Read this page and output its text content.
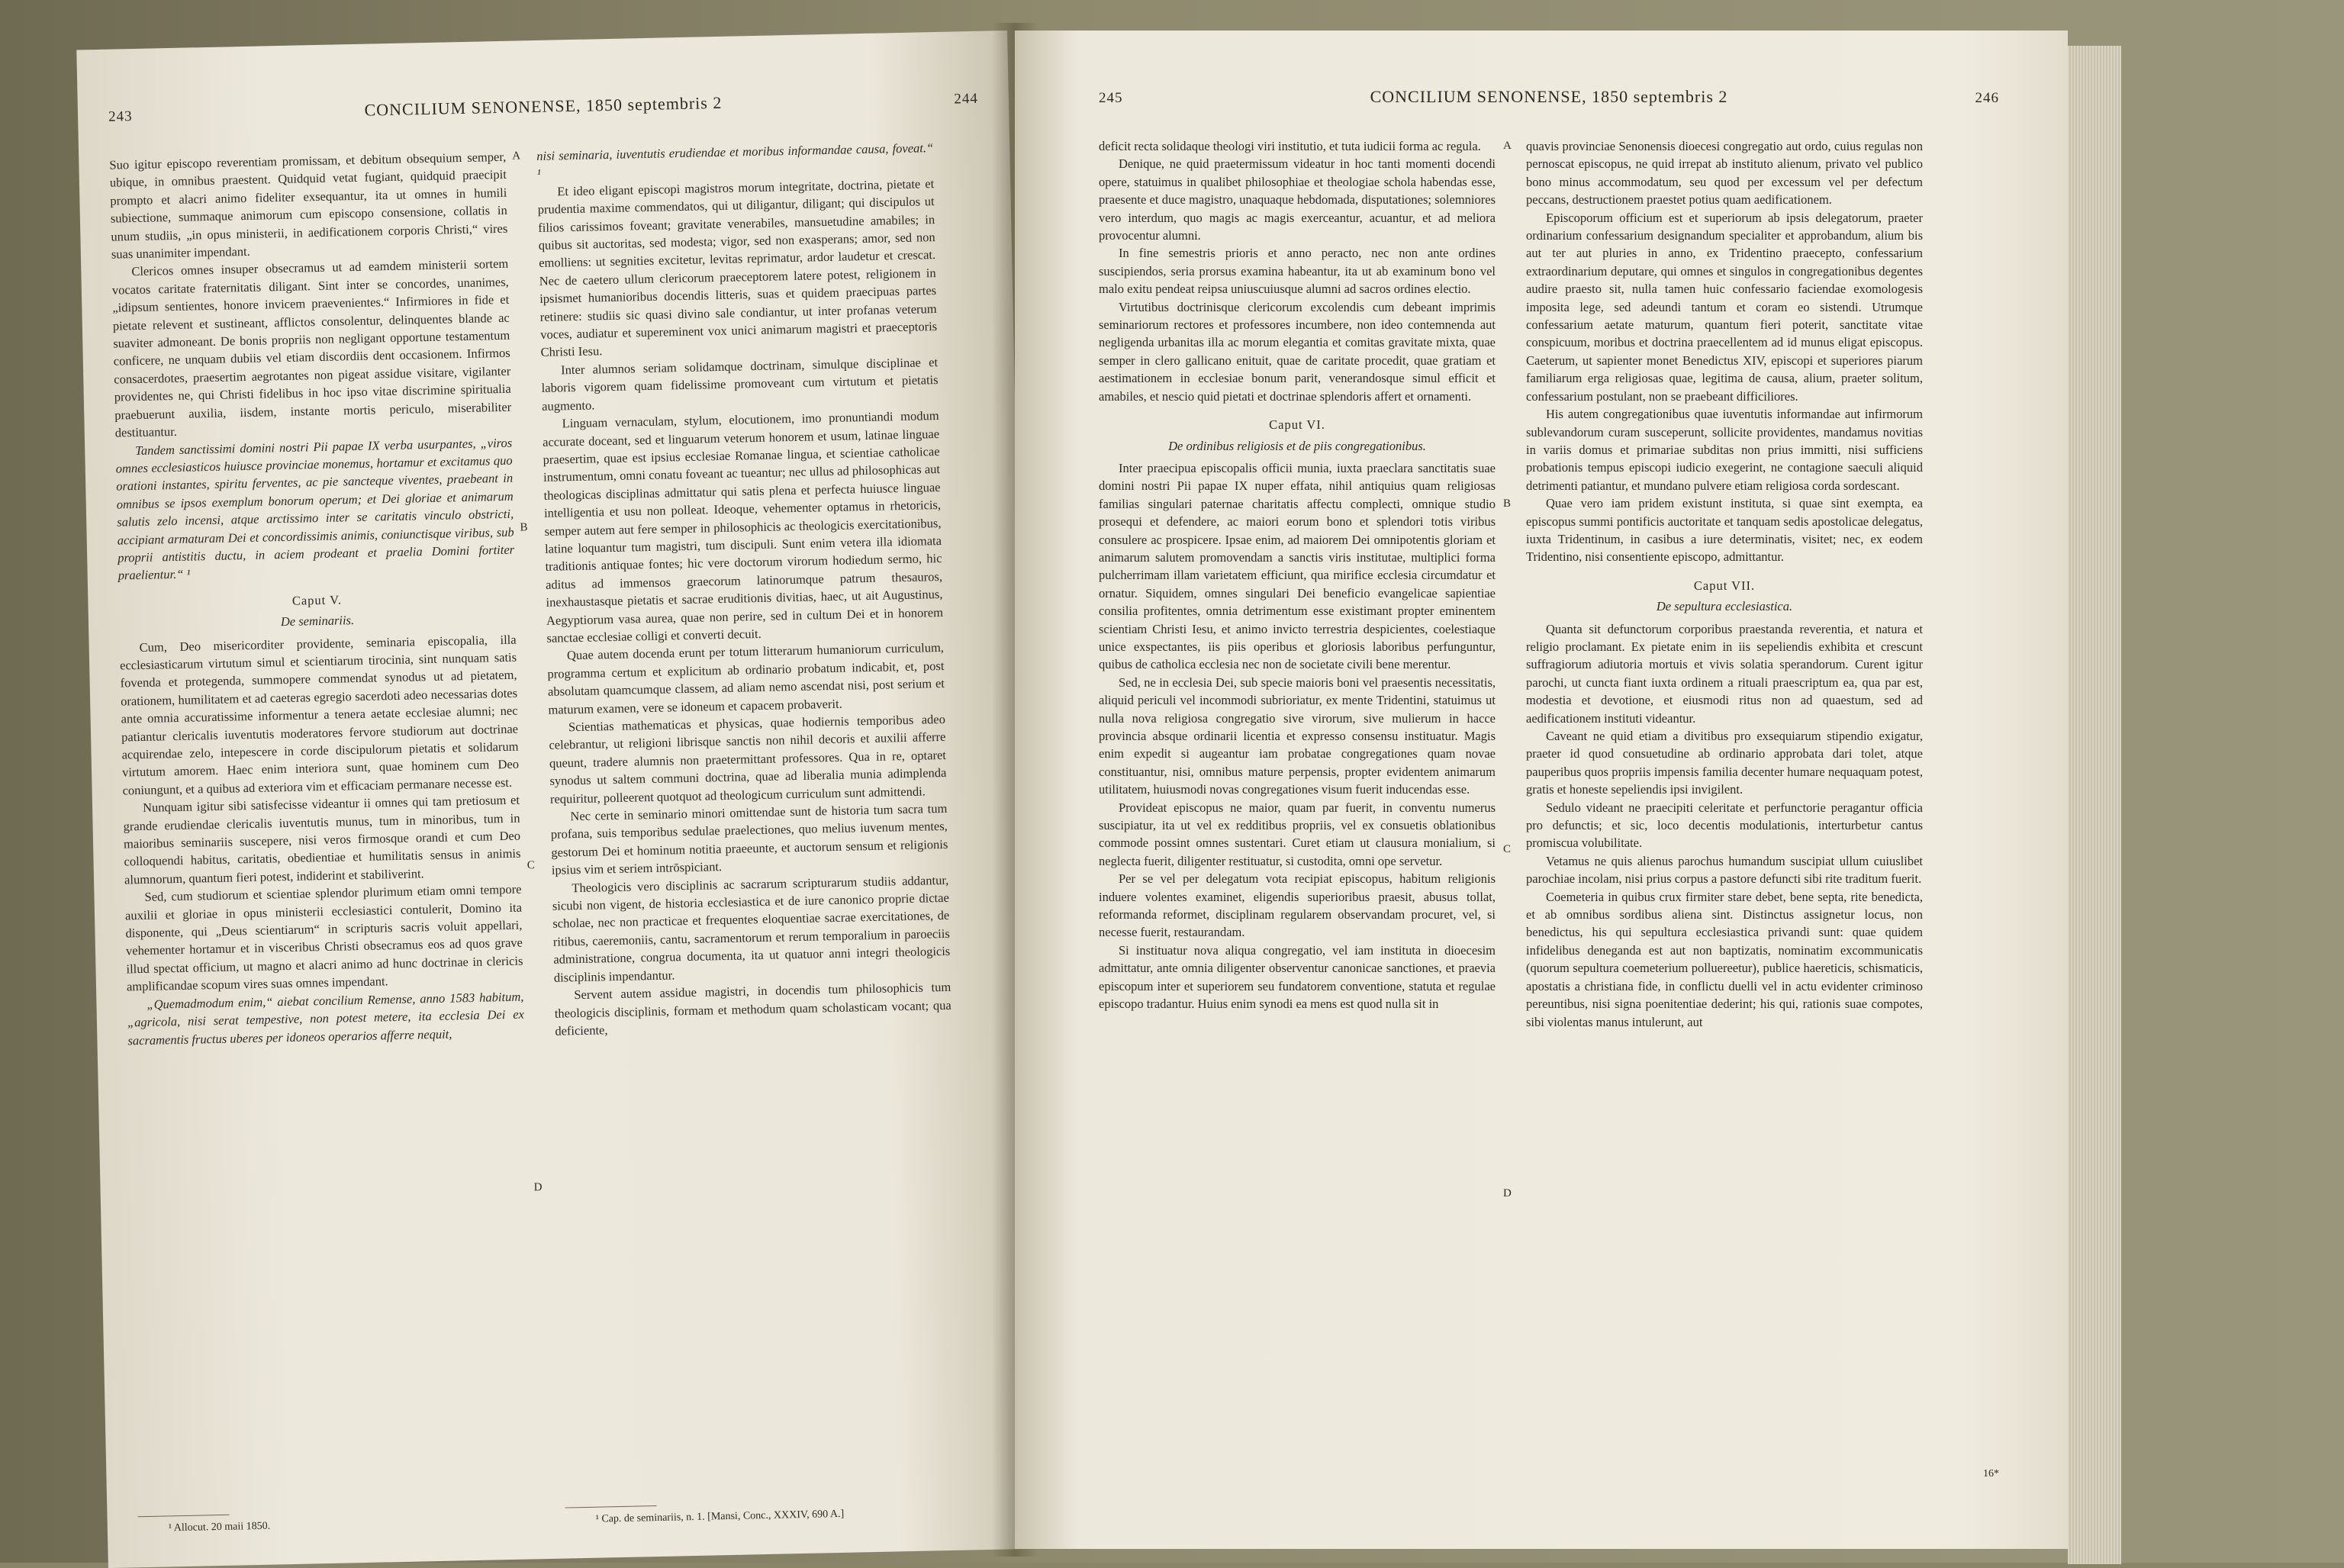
243	CONCILIUM SENONENSE, 1850 septembris 2	244

Suo igitur episcopo reverentiam promissam, et debitum obsequium semper, ubique, in omnibus praestent. Quidquid vetat fugiant, quidquid praecipit prompto et alacri animo fideliter exsequantur, ita ut omnes in humili subiectione, summaque animorum cum episcopo consensione, collatis in unum studiis, „in opus ministerii, in aedificationem corporis Christi,“ vires suas unanimiter impendant.

Clericos omnes insuper obsecramus ut ad eamdem ministerii sortem vocatos caritate fraternitatis diligant. Sint inter se concordes, unanimes, „idipsum sentientes, honore invicem praevenientes.“ Infirmiores in fide et pietate relevent et sustineant, afflictos consolentur, delinquentes blande ac suaviter admoneant. De bonis propriis non negligant opportune testamentum conficere, ne unquam dubiis vel etiam discordiis dent occasionem. Infirmos consacerdotes, praesertim aegrotantes non pigeat assidue visitare, vigilanter providentes ne, qui Christi fidelibus in hoc ipso vitae discrimine spiritualia praebuerunt auxilia, iisdem, instante mortis periculo, miserabiliter destituantur.

Tandem sanctissimi domini nostri Pii papae IX verba usurpantes, „viros omnes ecclesiasticos huiusce provinciae monemus, hortamur et excitamus quo orationi instantes, spiritu ferventes, ac pie sancteque viventes, praebeant in omnibus se ipsos exemplum bonorum operum; et Dei gloriae et animarum salutis zelo incensi, atque arctissimo inter se caritatis vinculo obstricti, accipiant armaturam Dei et concordissimis animis, coniunctisque viribus, sub proprii antistitis ductu, in aciem prodeant et praelia Domini fortiter praelientur.“ ¹

Caput V.
De seminariis.

Cum, Deo misericorditer providente, seminaria episcopalia, illa ecclesiasticarum virtutum simul et scientiarum tirocinia, sint nunquam satis fovenda et protegenda, summopere commendat synodus ut ad pietatem, orationem, humilitatem et ad caeteras egregio sacerdoti adeo necessarias dotes ante omnia accuratissime informentur a tenera aetate ecclesiae alumni; nec patiantur clericalis iuventutis moderatores fervore studiorum aut doctrinae acquirendae zelo, intepescere in corde discipulorum pietatis et solidarum virtutum amorem. Haec enim interiora sunt, quae hominem cum Deo coniungunt, et a quibus ad exteriora vim et efficaciam permanare necesse est.

Nunquam igitur sibi satisfecisse videantur ii omnes qui tam pretiosum et grande erudiendae clericalis iuventutis munus, tum in minoribus, tum in maioribus seminariis suscepere, nisi veros firmosque orandi et cum Deo colloquendi habitus, caritatis, obedientiae et humilitatis sensus in animis alumnorum, quantum fieri potest, indiderint et stabiliverint.

Sed, cum studiorum et scientiae splendor plurimum etiam omni tempore auxilii et gloriae in opus ministerii ecclesiastici contulerit, Domino ita disponente, qui „Deus scientiarum“ in scripturis sacris voluit appellari, vehementer hortamur et in visceribus Christi obsecramus eos ad quos grave illud spectat officium, ut magno et alacri animo ad hunc doctrinae in clericis amplificandae scopum vires suas omnes impendant.

„Quemadmodum enim,“ aiebat concilium Remense, anno 1583 habitum, „agricola, nisi serat tempestive, non potest metere, ita ecclesia Dei ex sacramentis fructus uberes per idoneos operarios afferre nequit,

A
B
C
D

nisi seminaria, iuventutis erudiendae et moribus informandae causa, foveat.“ ¹

Et ideo eligant episcopi magistros morum integritate, doctrina, pietate et prudentia maxime commendatos, qui ut diligantur, diligant; qui discipulos ut filios carissimos foveant; gravitate venerabiles, mansuetudine amabiles; in quibus sit auctoritas, sed modesta; vigor, sed non exasperans; amor, sed non emolliens: ut segnities excitetur, levitas reprimatur, ardor laudetur et crescat. Nec de caetero ullum clericorum praeceptorem latere potest, religionem in ipsismet humanioribus docendis litteris, suas et quidem praecipuas partes retinere: studiis sic quasi divino sale condiantur, ut inter profanas veterum voces, audiatur et supereminent vox unici animarum magistri et praeceptoris Christi Iesu.

Inter alumnos seriam solidamque doctrinam, simulque disciplinae et laboris vigorem quam fidelissime promoveant cum virtutum et pietatis augmento.

Linguam vernaculam, stylum, elocutionem, imo pronuntiandi modum accurate doceant, sed et linguarum veterum honorem et usum, latinae linguae praesertim, quae est ipsius ecclesiae Romanae lingua, et scientiae catholicae instrumentum, omni conatu foveant ac tueantur; nec ullus ad philosophicas aut theologicas disciplinas admittatur qui satis plena et perfecta huiusce linguae intelligentia et usu non polleat. Ideoque, vehementer optamus in rhetoricis, semper autem aut fere semper in philosophicis ac theologicis exercitationibus, latine loquantur tum magistri, tum discipuli. Sunt enim vetera illa idiomata traditionis antiquae fontes; hic vere doctorum virorum hodiedum sermo, hic aditus ad immensos graecorum latinorumque patrum thesauros, inexhaustasque pietatis et sacrae eruditionis divitias, haec, ut ait Augustinus, Aegyptiorum vasa aurea, quae non perire, sed in cultum Dei et in honorem sanctae ecclesiae colligi et converti decuit.

Quae autem docenda erunt per totum litterarum humaniorum curriculum, programma certum et explicitum ab ordinario probatum indicabit, et, post absolutam quamcumque classem, ad aliam nemo ascendat nisi, post serium et maturum examen, vere se idoneum et capacem probaverit.

Scientias mathematicas et physicas, quae hodiernis temporibus adeo celebrantur, ut religioni librisque sanctis non nihil decoris et auxilii afferre queunt, tradere alumnis non praetermittant professores. Qua in re, optaret synodus ut saltem communi doctrina, quae ad liberalia munia adimplenda requiritur, polleerent quotquot ad theologicum curriculum sunt admittendi.

Nec certe in seminario minori omittendae sunt de historia tum sacra tum profana, suis temporibus sedulae praelectiones, quo melius iuvenum mentes, gestorum Dei et hominum notitia praeeunte, et auctorum sensum et religionis ipsius vim et seriem intrōspiciant.

Theologicis vero disciplinis ac sacrarum scripturarum studiis addantur, sicubi non vigent, de historia ecclesiastica et de iure canonico proprie dictae scholae, nec non practicae et frequentes eloquentiae sacrae exercitationes, de ritibus, caeremoniis, cantu, sacramentorum et rerum temporalium in paroeciis administratione, congrua documenta, ita ut quatuor anni integri theologicis disciplinis impendantur.

Servent autem assidue magistri, in docendis tum philosophicis tum theologicis disciplinis, formam et methodum quam scholasticam vocant; qua deficiente,

¹ Allocut. 20 maii 1850.
¹ Cap. de seminariis, n. 1. [Mansi, Conc., XXXIV, 690 A.]
245	CONCILIUM SENONENSE, 1850 septembris 2	246

deficit recta solidaque theologi viri institutio, et tuta iudicii forma ac regula.

Denique, ne quid praetermissum videatur in hoc tanti momenti docendi opere, statuimus in qualibet philosophiae et theologiae schola habendas esse, praesente et duce magistro, unaquaque hebdomada, disputationes; solemniores vero interdum, quo magis ac magis exerceantur, acuantur, et ad meliora provocentur alumni.

In fine semestris prioris et anno peracto, nec non ante ordines suscipiendos, seria prorsus examina habeantur, ita ut ab examinum bono vel malo exitu pendeat reipsa uniuscuiusque alumni ad sacros ordines electio.

Virtutibus doctrinisque clericorum excolendis cum debeant imprimis seminariorum rectores et professores incumbere, non ideo contemnenda aut negligenda urbanitas illa ac morum elegantia et comitas gravitate mixta, quae semper in clero gallicano enituit, quae de caritate procedit, quae gratiam et aestimationem in ecclesiae bonum parit, venerandosque simul efficit et amabiles, et nescio quid pietati et doctrinae splendoris affert et ornamenti.

Caput VI.
De ordinibus religiosis et de piis congregationibus.

Inter praecipua episcopalis officii munia, iuxta praeclara sanctitatis suae domini nostri Pii papae IX nuper effata, nihil antiquius quam religiosas familias singulari paternae charitatis affectu complecti, omnique studio prosequi et defendere, ac maiori eorum bono et splendori totis viribus consulere ac prospicere. Ipsae enim, ad maiorem Dei omnipotentis gloriam et animarum salutem promovendam a sanctis viris institutae, multiplici forma pulcherrimam illam varietatem efficiunt, qua mirifice ecclesia circumdatur et ornatur. Siquidem, omnes singulari Dei beneficio evangelicae sapientiae consilia profitentes, omnia detrimentum esse existimant propter eminentem scientiam Christi Iesu, et animo invicto terrestria despicientes, coelestiaque unice exspectantes, iis piis operibus et gloriosis laboribus perfunguntur, quibus de catholica ecclesia nec non de societate civili bene merentur.

Sed, ne in ecclesia Dei, sub specie maioris boni vel praesentis necessitatis, aliquid periculi vel incommodi subrioriatur, ex mente Tridentini, statuimus ut nulla nova religiosa congregatio sive virorum, sive mulierum in hacce provincia absque ordinarii licentia et expresso consensu instituatur. Magis enim expedit si augeantur iam probatae congregationes quam novae constituantur, nisi, omnibus mature perpensis, propter evidentem animarum utilitatem, huiusmodi novas congregationes visum fuerit inducendas esse.

Provideat episcopus ne maior, quam par fuerit, in conventu numerus suscipiatur, ita ut vel ex redditibus propriis, vel ex consuetis oblationibus commode possint omnes sustentari. Curet etiam ut clausura monialium, si neglecta fuerit, diligenter restituatur, si custodita, omni ope servetur.

Per se vel per delegatum vota recipiat episcopus, habitum religionis induere volentes examinet, eligendis superioribus praesit, abusus tollat, reformanda reformet, disciplinam regularem observandam procuret, vel, si necesse fuerit, restaurandam.

Si instituatur nova aliqua congregatio, vel iam instituta in dioecesim admittatur, ante omnia diligenter observentur canonicae sanctiones, et praevia episcopum inter et superiorem seu fundatorem conventione, statuta et regulae episcopo tradantur. Huius enim synodi ea mens est quod nulla sit in

A
B
C
D

quavis provinciae Senonensis dioecesi congregatio aut ordo, cuius regulas non pernoscat episcopus, ne quid irrepat ab instituto alienum, privato vel publico bono minus accommodatum, seu quod per excessum vel per defectum peccans, destructionem praestet potius quam aedificationem.

Episcoporum officium est et superiorum ab ipsis delegatorum, praeter ordinarium confessarium designandum specialiter et approbandum, alium bis aut ter aut pluries in anno, ex Tridentino praecepto, confessarium extraordinarium deputare, qui omnes et singulos in congregationibus degentes audire praesto sit, nulla tamen huic confessario faciendae exomologesis imposita lege, sed adeundi tantum et coram eo sistendi. Utrumque confessarium aetate maturum, quantum fieri poterit, sanctitate vitae conspicuum, moribus et doctrina praecellentem ad id munus eligat episcopus. Caeterum, ut sapienter monet Benedictus XIV, episcopi et superiores piarum familiarum erga religiosas quae, legitima de causa, alium, praeter solitum, confessarium postulant, non se praebeant difficiliores.

His autem congregationibus quae iuventutis informandae aut infirmorum sublevandorum curam susceperunt, sollicite providentes, mandamus novitias in variis domus et primariae subditas non prius immitti, nisi sufficiens probationis tempus episcopi iudicio exegerint, ne contagione saeculi aliquid detrimenti patiantur, et mundano pulvere etiam religiosa corda sordescant.

Quae vero iam pridem existunt instituta, si quae sint exempta, ea episcopus summi pontificis auctoritate et tanquam sedis apostolicae delegatus, iuxta Tridentinum, in casibus a iure determinatis, visitet; nec, ex eodem Tridentino, nisi consentiente episcopo, admittantur.

Caput VII.
De sepultura ecclesiastica.

Quanta sit defunctorum corporibus praestanda reverentia, et natura et religio proclamant. Ex pietate enim in iis sepeliendis exhibita et crescunt suffragiorum adiutoria mortuis et vivis solatia sperandorum. Curent igitur parochi, ut cuncta fiant iuxta ordinem a rituali praescriptum ea, qua par est, modestia et devotione, et eiusmodi ritus non ad quaestum, sed ad aedificationem instituti videantur.

Caveant ne quid etiam a divitibus pro exsequiarum stipendio exigatur, praeter id quod consuetudine ab ordinario approbata dari tolet, atque pauperibus quos propriis impensis familia decenter humare nequaquam potest, gratis et honeste sepeliendis ipsi invigilent.

Sedulo videant ne praecipiti celeritate et perfunctorie peragantur officia pro defunctis; et sic, loco decentis modulationis, interturbetur cantus promiscua volubilitate.

Vetamus ne quis alienus parochus humandum suscipiat ullum cuiuslibet parochiae incolam, nisi prius corpus a pastore defuncti sibi rite traditum fuerit.

Coemeteria in quibus crux firmiter stare debet, bene septa, rite benedicta, et ab omnibus sordibus aliena sint. Distinctus assignetur locus, non benedictus, his qui sepultura ecclesiastica privandi sunt: quae quidem infidelibus deneganda est aut non baptizatis, nominatim excommunicatis (quorum sepultura coemeterium polluereetur), publice haereticis, schismaticis, apostatis a christiana fide, in conflictu duelli vel in actu evidenter criminoso pereuntibus, nisi signa poenitentiae dederint; his qui, rationis suae compotes, sibi violentas manus intulerunt, aut

16*
